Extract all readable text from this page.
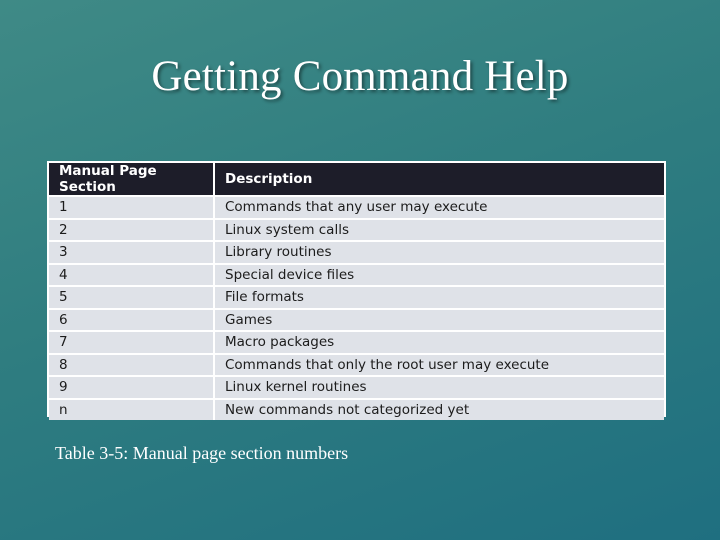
Getting Command Help
Manual Page Section	Description
1	Commands that any user may execute
2	Linux system calls
3	Library routines
4	Special device files
5	File formats
6	Games
7	Macro packages
8	Commands that only the root user may execute
9	Linux kernel routines
n	New commands not categorized yet
Table 3-5: Manual page section numbers
